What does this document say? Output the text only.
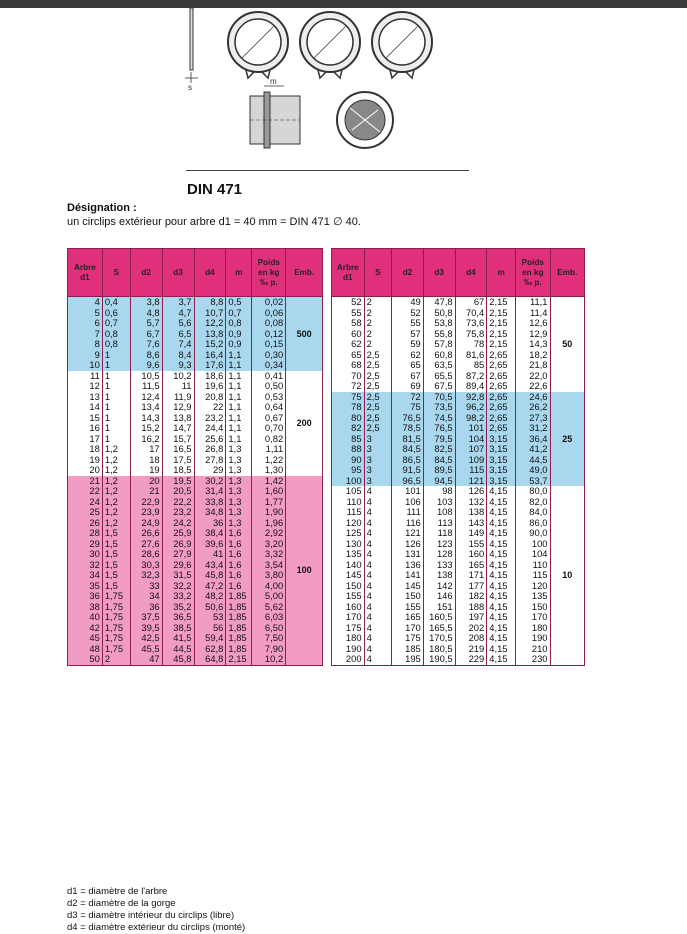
s
m
DIN 471
Désignation :
un circlips extérieur pour arbre d1 = 40 mm = DIN 471 ∅ 40.
Arbre
d1	S	d2	d3	d4	m	Poids
en kg
‰ p.	Emb.
4	0,4	3,8	3,7	8,8	0,5	0,02	500
5	0,6	4,8	4,7	10,7	0,7	0,06	
6	0,7	5,7	5,6	12,2	0,8	0,08	
7	0,8	6,7	6,5	13,8	0,9	0,12	
8	0,8	7,6	7,4	15,2	0,9	0,15	
9	1	8,6	8,4	16,4	1,1	0,30	
10	1	9,6	9,3	17,6	1,1	0,34	
11	1	10,5	10,2	18,6	1,1	0,41	200
12	1	11,5	11	19,6	1,1	0,50	
13	1	12,4	11,9	20,8	1,1	0,53	
14	1	13,4	12,9	22	1,1	0,64	
15	1	14,3	13,8	23,2	1,1	0,67	
16	1	15,2	14,7	24,4	1,1	0,70	
17	1	16,2	15,7	25,6	1,1	0,82	
18	1,2	17	16,5	26,8	1,3	1,11	
19	1,2	18	17,5	27,8	1,3	1,22	
20	1,2	19	18,5	29	1,3	1,30	
21	1,2	20	19,5	30,2	1,3	1,42	100
22	1,2	21	20,5	31,4	1,3	1,60	
24	1,2	22,9	22,2	33,8	1,3	1,77	
25	1,2	23,9	23,2	34,8	1,3	1,90	
26	1,2	24,9	24,2	36	1,3	1,96	
28	1,5	26,6	25,9	38,4	1,6	2,92	
29	1,5	27,6	26,9	39,6	1,6	3,20	
30	1,5	28,6	27,9	41	1,6	3,32	
32	1,5	30,3	29,6	43,4	1,6	3,54	
34	1,5	32,3	31,5	45,8	1,6	3,80	
35	1,5	33	32,2	47,2	1,6	4,00	
36	1,75	34	33,2	48,2	1,85	5,00	
38	1,75	36	35,2	50,6	1,85	5,62	
40	1,75	37,5	36,5	53	1,85	6,03	
42	1,75	39,5	38,5	56	1,85	6,50	
45	1,75	42,5	41,5	59,4	1,85	7,50	
48	1,75	45,5	44,5	62,8	1,85	7,90	
50	2	47	45,8	64,8	2,15	10,2	
Arbre
d1	S	d2	d3	d4	m	Poids
en kg
‰ p.	Emb.
52	2	49	47,8	67	2,15	11,1	50
55	2	52	50,8	70,4	2,15	11,4	
58	2	55	53,8	73,6	2,15	12,6	
60	2	57	55,8	75,8	2,15	12,9	
62	2	59	57,8	78	2,15	14,3	
65	2,5	62	60,8	81,6	2,65	18,2	
68	2,5	65	63,5	85	2,65	21,8	
70	2,5	67	65,5	87,2	2,65	22,0	
72	2,5	69	67,5	89,4	2,65	22,6	
75	2,5	72	70,5	92,8	2,65	24,6	25
78	2,5	75	73,5	96,2	2,65	26,2	
80	2,5	76,5	74,5	98,2	2,65	27,3	
82	2,5	78,5	76,5	101	2,65	31,2	
85	3	81,5	79,5	104	3,15	36,4	
88	3	84,5	82,5	107	3,15	41,2	
90	3	86,5	84,5	109	3,15	44,5	
95	3	91,5	89,5	115	3,15	49,0	
100	3	96,5	94,5	121	3,15	53,7	
105	4	101	98	126	4,15	80,0	10
110	4	106	103	132	4,15	82,0	
115	4	111	108	138	4,15	84,0	
120	4	116	113	143	4,15	86,0	
125	4	121	118	149	4,15	90,0	
130	4	126	123	155	4,15	100	
135	4	131	128	160	4,15	104	
140	4	136	133	165	4,15	110	
145	4	141	138	171	4,15	115	
150	4	145	142	177	4,15	120	
155	4	150	146	182	4,15	135	
160	4	155	151	188	4,15	150	
170	4	165	160,5	197	4,15	170	
175	4	170	165,5	202	4,15	180	
180	4	175	170,5	208	4,15	190	
190	4	185	180,5	219	4,15	210	
200	4	195	190,5	229	4,15	230	
d1 = diamètre de l'arbre
d2 = diamètre de la gorge
d3 = diamètre intérieur du circlips (libre)
d4 = diamètre extérieur du circlips (monté)
